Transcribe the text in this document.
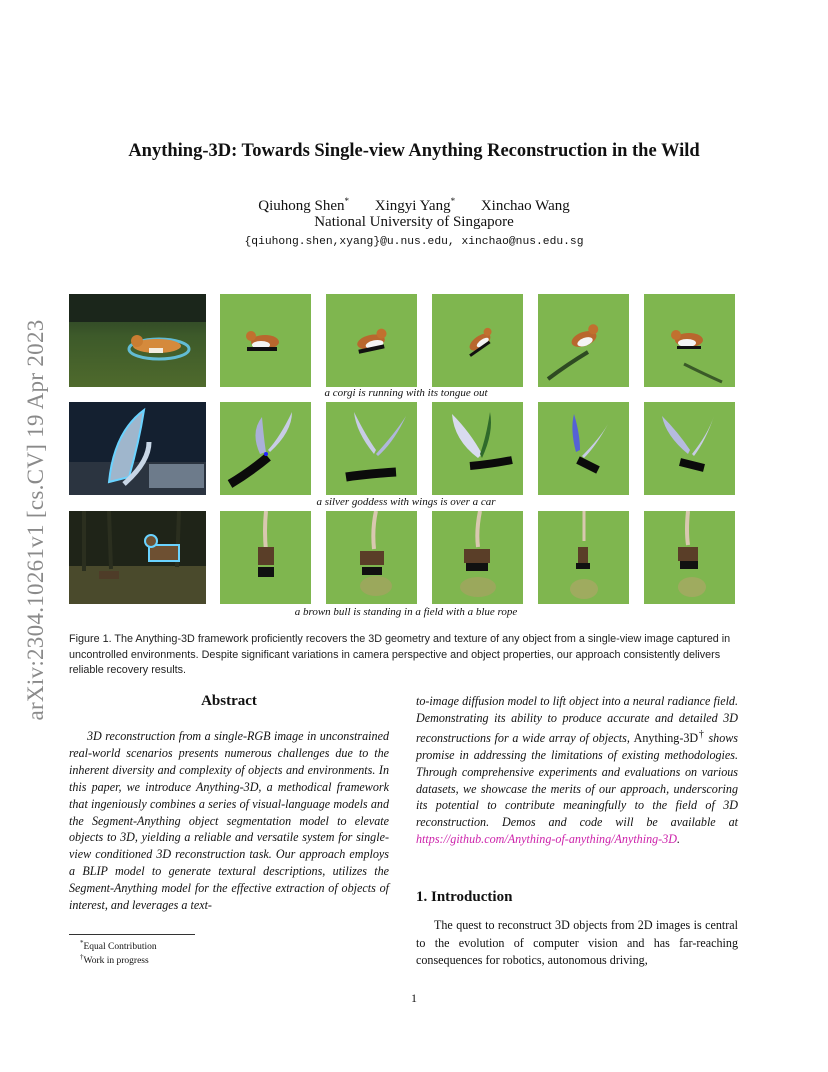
arXiv:2304.10261v1 [cs.CV] 19 Apr 2023
Anything-3D: Towards Single-view Anything Reconstruction in the Wild
Qiuhong Shen* Xingyi Yang* Xinchao Wang
National University of Singapore
{qiuhong.shen,xyang}@u.nus.edu, xinchao@nus.edu.sg
a corgi is running with its tongue out
a silver goddess with wings is over a car
a brown bull is standing in a field with a blue rope
Figure 1. The Anything-3D framework proficiently recovers the 3D geometry and texture of any object from a single-view image captured in uncontrolled environments. Despite significant variations in camera perspective and object properties, our approach consistently delivers reliable recovery results.
Abstract
3D reconstruction from a single-RGB image in unconstrained real-world scenarios presents numerous challenges due to the inherent diversity and complexity of objects and environments. In this paper, we introduce Anything-3D, a methodical framework that ingeniously combines a series of visual-language models and the Segment-Anything object segmentation model to elevate objects to 3D, yielding a reliable and versatile system for single-view conditioned 3D reconstruction task. Our approach employs a BLIP model to generate textural descriptions, utilizes the Segment-Anything model for the effective extraction of objects of interest, and leverages a text-
to-image diffusion model to lift object into a neural radiance field. Demonstrating its ability to produce accurate and detailed 3D reconstructions for a wide array of objects, Anything-3D† shows promise in addressing the limitations of existing methodologies. Through comprehensive experiments and evaluations on various datasets, we showcase the merits of our approach, underscoring its potential to contribute meaningfully to the field of 3D reconstruction. Demos and code will be available at https://github.com/Anything-of-anything/Anything-3D.
1. Introduction
The quest to reconstruct 3D objects from 2D images is central to the evolution of computer vision and has far-reaching consequences for robotics, autonomous driving,
*Equal Contribution
†Work in progress
1
